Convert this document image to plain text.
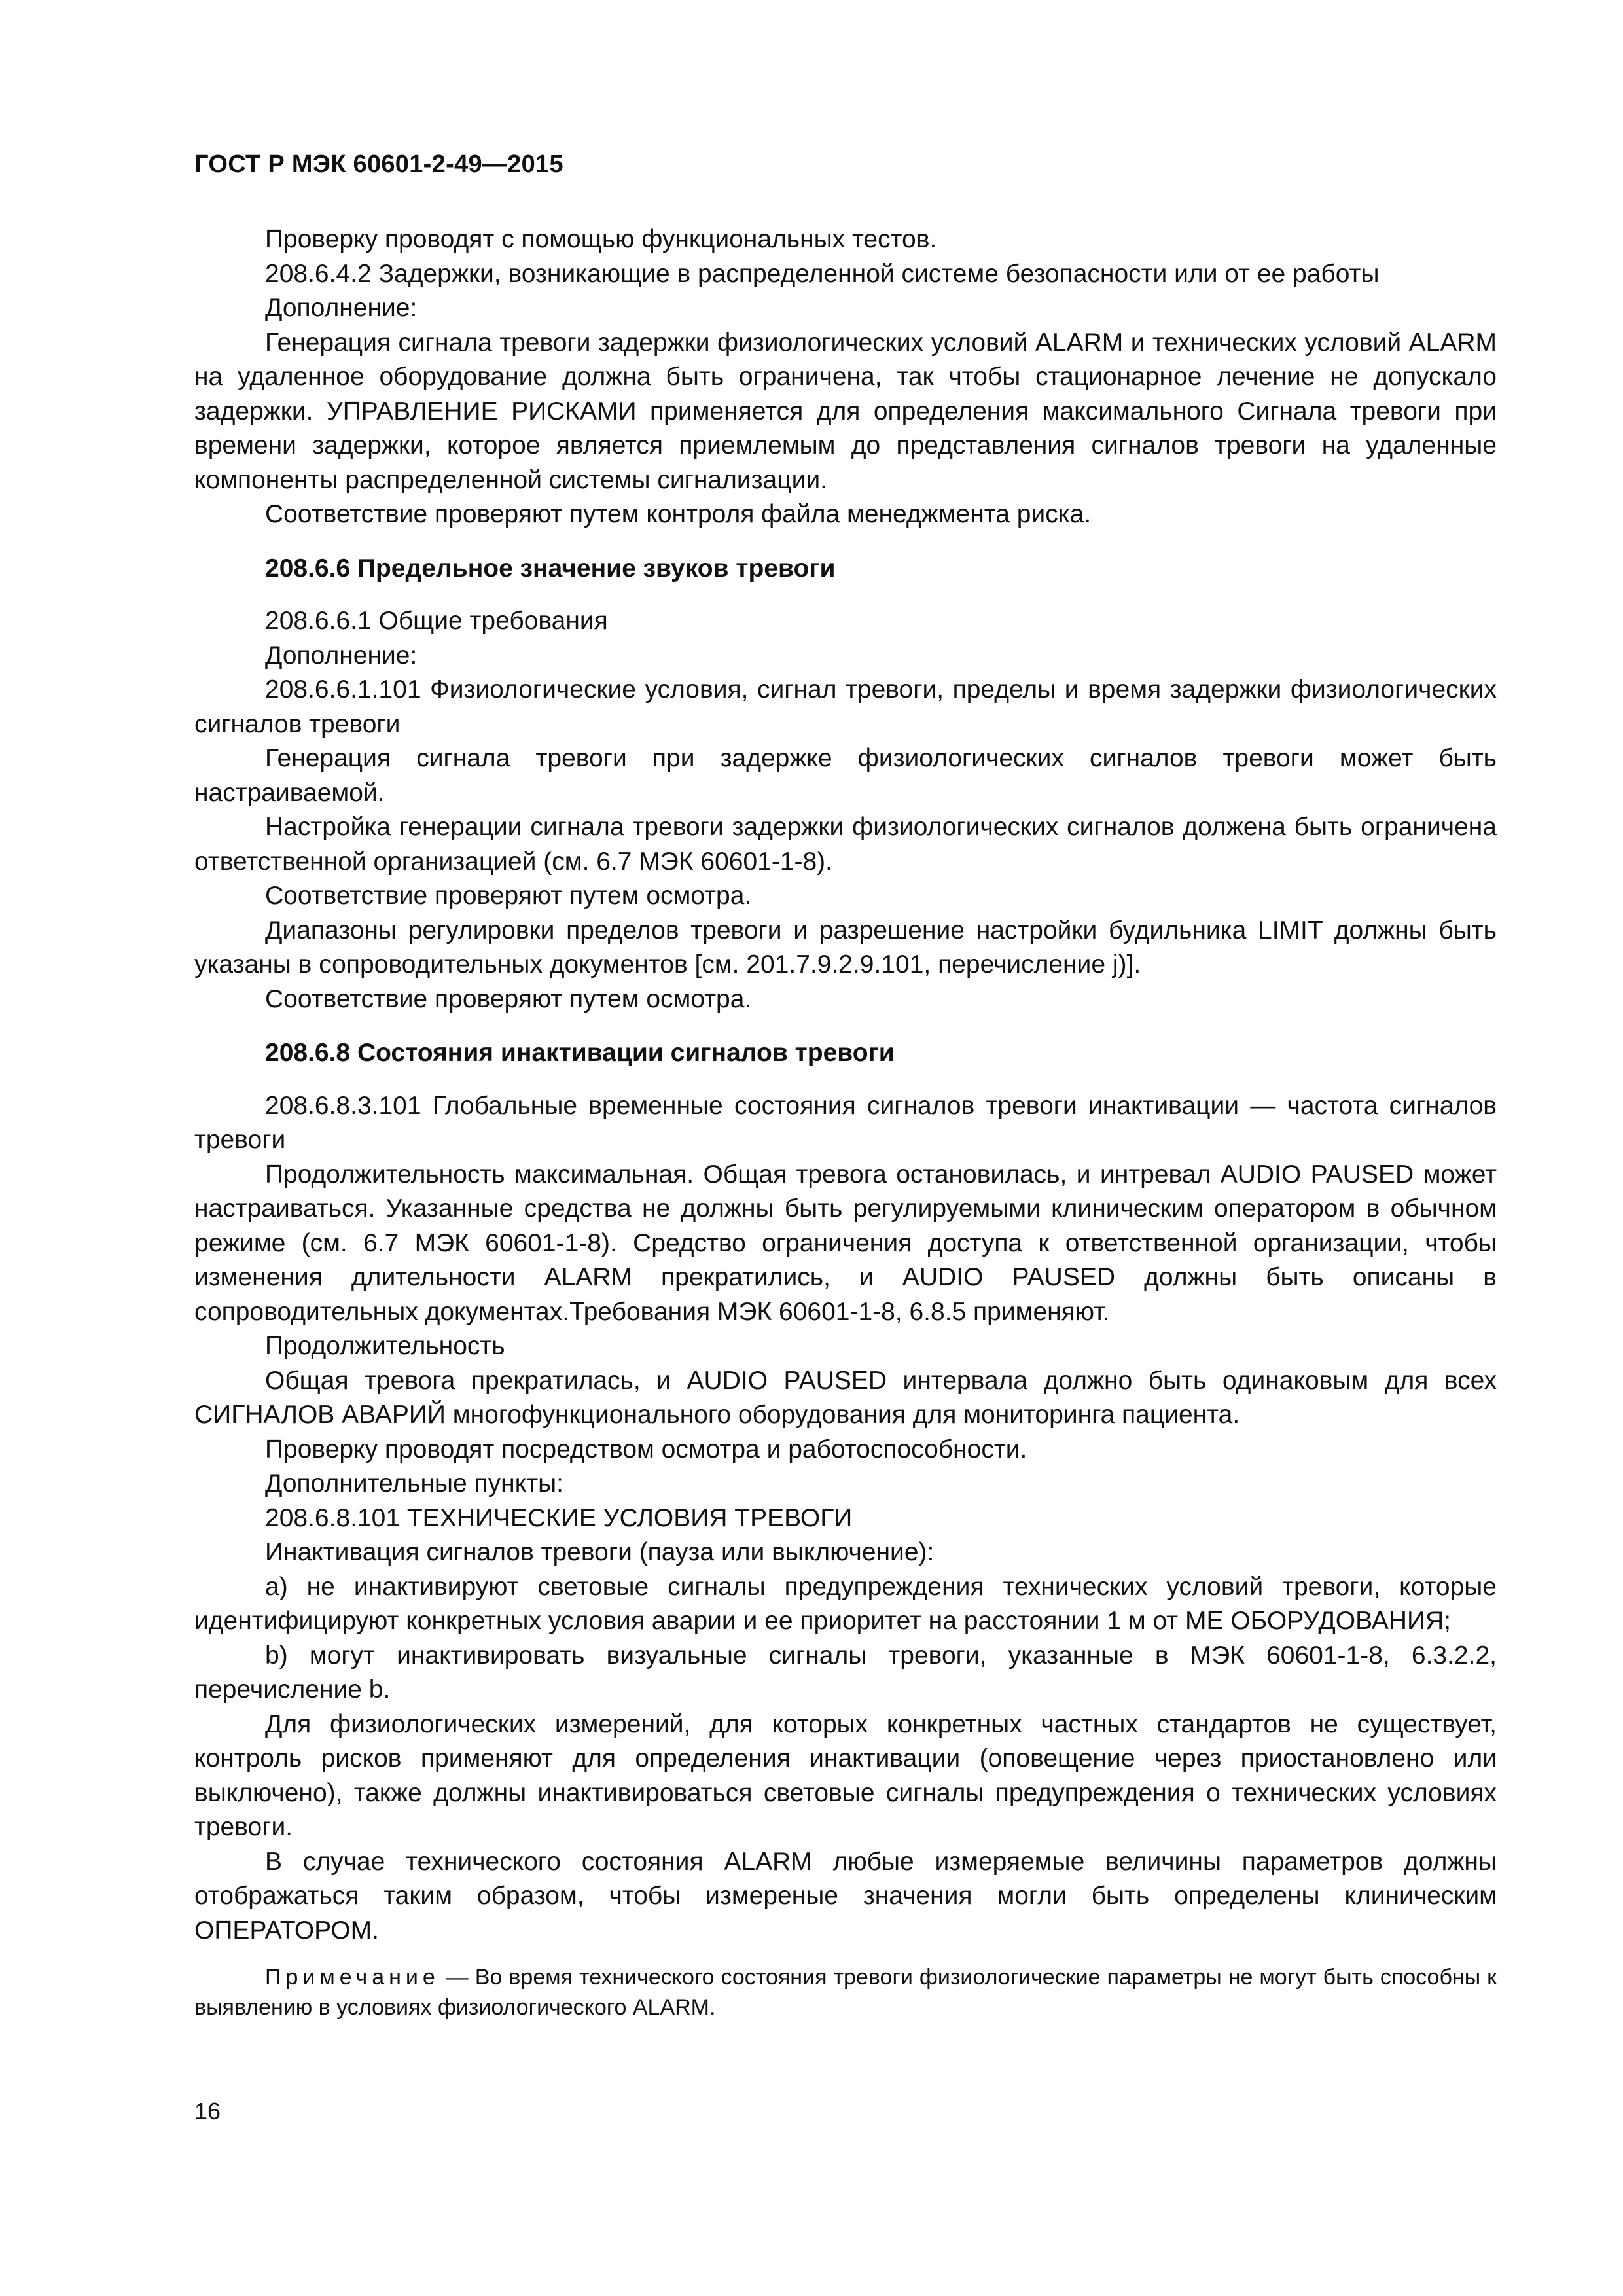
ГОСТ Р МЭК 60601-2-49—2015

Проверку проводят с помощью функциональных тестов.

208.6.4.2 Задержки, возникающие в распределенной системе безопасности или от ее работы

Дополнение:

Генерация сигнала тревоги задержки физиологических условий ALARM и технических условий ALARM на удаленное оборудование должна быть ограничена, так чтобы стационарное лечение не допускало задержки. УПРАВЛЕНИЕ РИСКАМИ применяется для определения максимального Сигнала тревоги при времени задержки, которое является приемлемым до представления сигналов тревоги на удаленные компоненты распределенной системы сигнализации.

Соответствие проверяют путем контроля файла менеджмента риска.

208.6.6 Предельное значение звуков тревоги

208.6.6.1 Общие требования

Дополнение:

208.6.6.1.101 Физиологические условия, сигнал тревоги, пределы и время задержки физиологических сигналов тревоги

Генерация сигнала тревоги при задержке физиологических сигналов тревоги может быть настраиваемой.

Настройка генерации сигнала тревоги задержки физиологических сигналов должена быть ограничена ответственной организацией (см. 6.7 МЭК 60601-1-8).

Соответствие проверяют путем осмотра.

Диапазоны регулировки пределов тревоги и разрешение настройки будильника LIMIT должны быть указаны в сопроводительных документов [см. 201.7.9.2.9.101, перечисление j)].

Соответствие проверяют путем осмотра.

208.6.8 Состояния инактивации сигналов тревоги

208.6.8.3.101 Глобальные временные состояния сигналов тревоги инактивации — частота сигналов тревоги

Продолжительность максимальная. Общая тревога остановилась, и интревал AUDIO PAUSED может настраиваться. Указанные средства не должны быть регулируемыми клиническим оператором в обычном режиме (см. 6.7 МЭК 60601-1-8). Средство ограничения доступа к ответственной организации, чтобы изменения длительности ALARM прекратились, и AUDIO PAUSED должны быть описаны в сопроводительных документах.Требования МЭК 60601-1-8, 6.8.5 применяют.

Продолжительность

Общая тревога прекратилась, и AUDIO PAUSED интервала должно быть одинаковым для всех СИГНАЛОВ АВАРИЙ многофункционального оборудования для мониторинга пациента.

Проверку проводят посредством осмотра и работоспособности.

Дополнительные пункты:

208.6.8.101 ТЕХНИЧЕСКИЕ УСЛОВИЯ ТРЕВОГИ

Инактивация сигналов тревоги (пауза или выключение):

a) не инактивируют световые сигналы предупреждения технических условий тревоги, которые идентифицируют конкретных условия аварии и ее приоритет на расстоянии 1 м от МЕ ОБОРУДОВАНИЯ;

b) могут инактивировать визуальные сигналы тревоги, указанные в МЭК 60601-1-8, 6.3.2.2, перечисление b.

Для физиологических измерений, для которых конкретных частных стандартов не существует, контроль рисков применяют для определения инактивации (оповещение через приостановлено или выключено), также должны инактивироваться световые сигналы предупреждения о технических условиях тревоги.

В случае технического состояния ALARM любые измеряемые величины параметров должны отображаться таким образом, чтобы измереные значения могли быть определены клиническим ОПЕРАТОРОМ.

Примечание — Во время технического состояния тревоги физиологические параметры не могут быть способны к выявлению в условиях физиологического ALARM.
16
